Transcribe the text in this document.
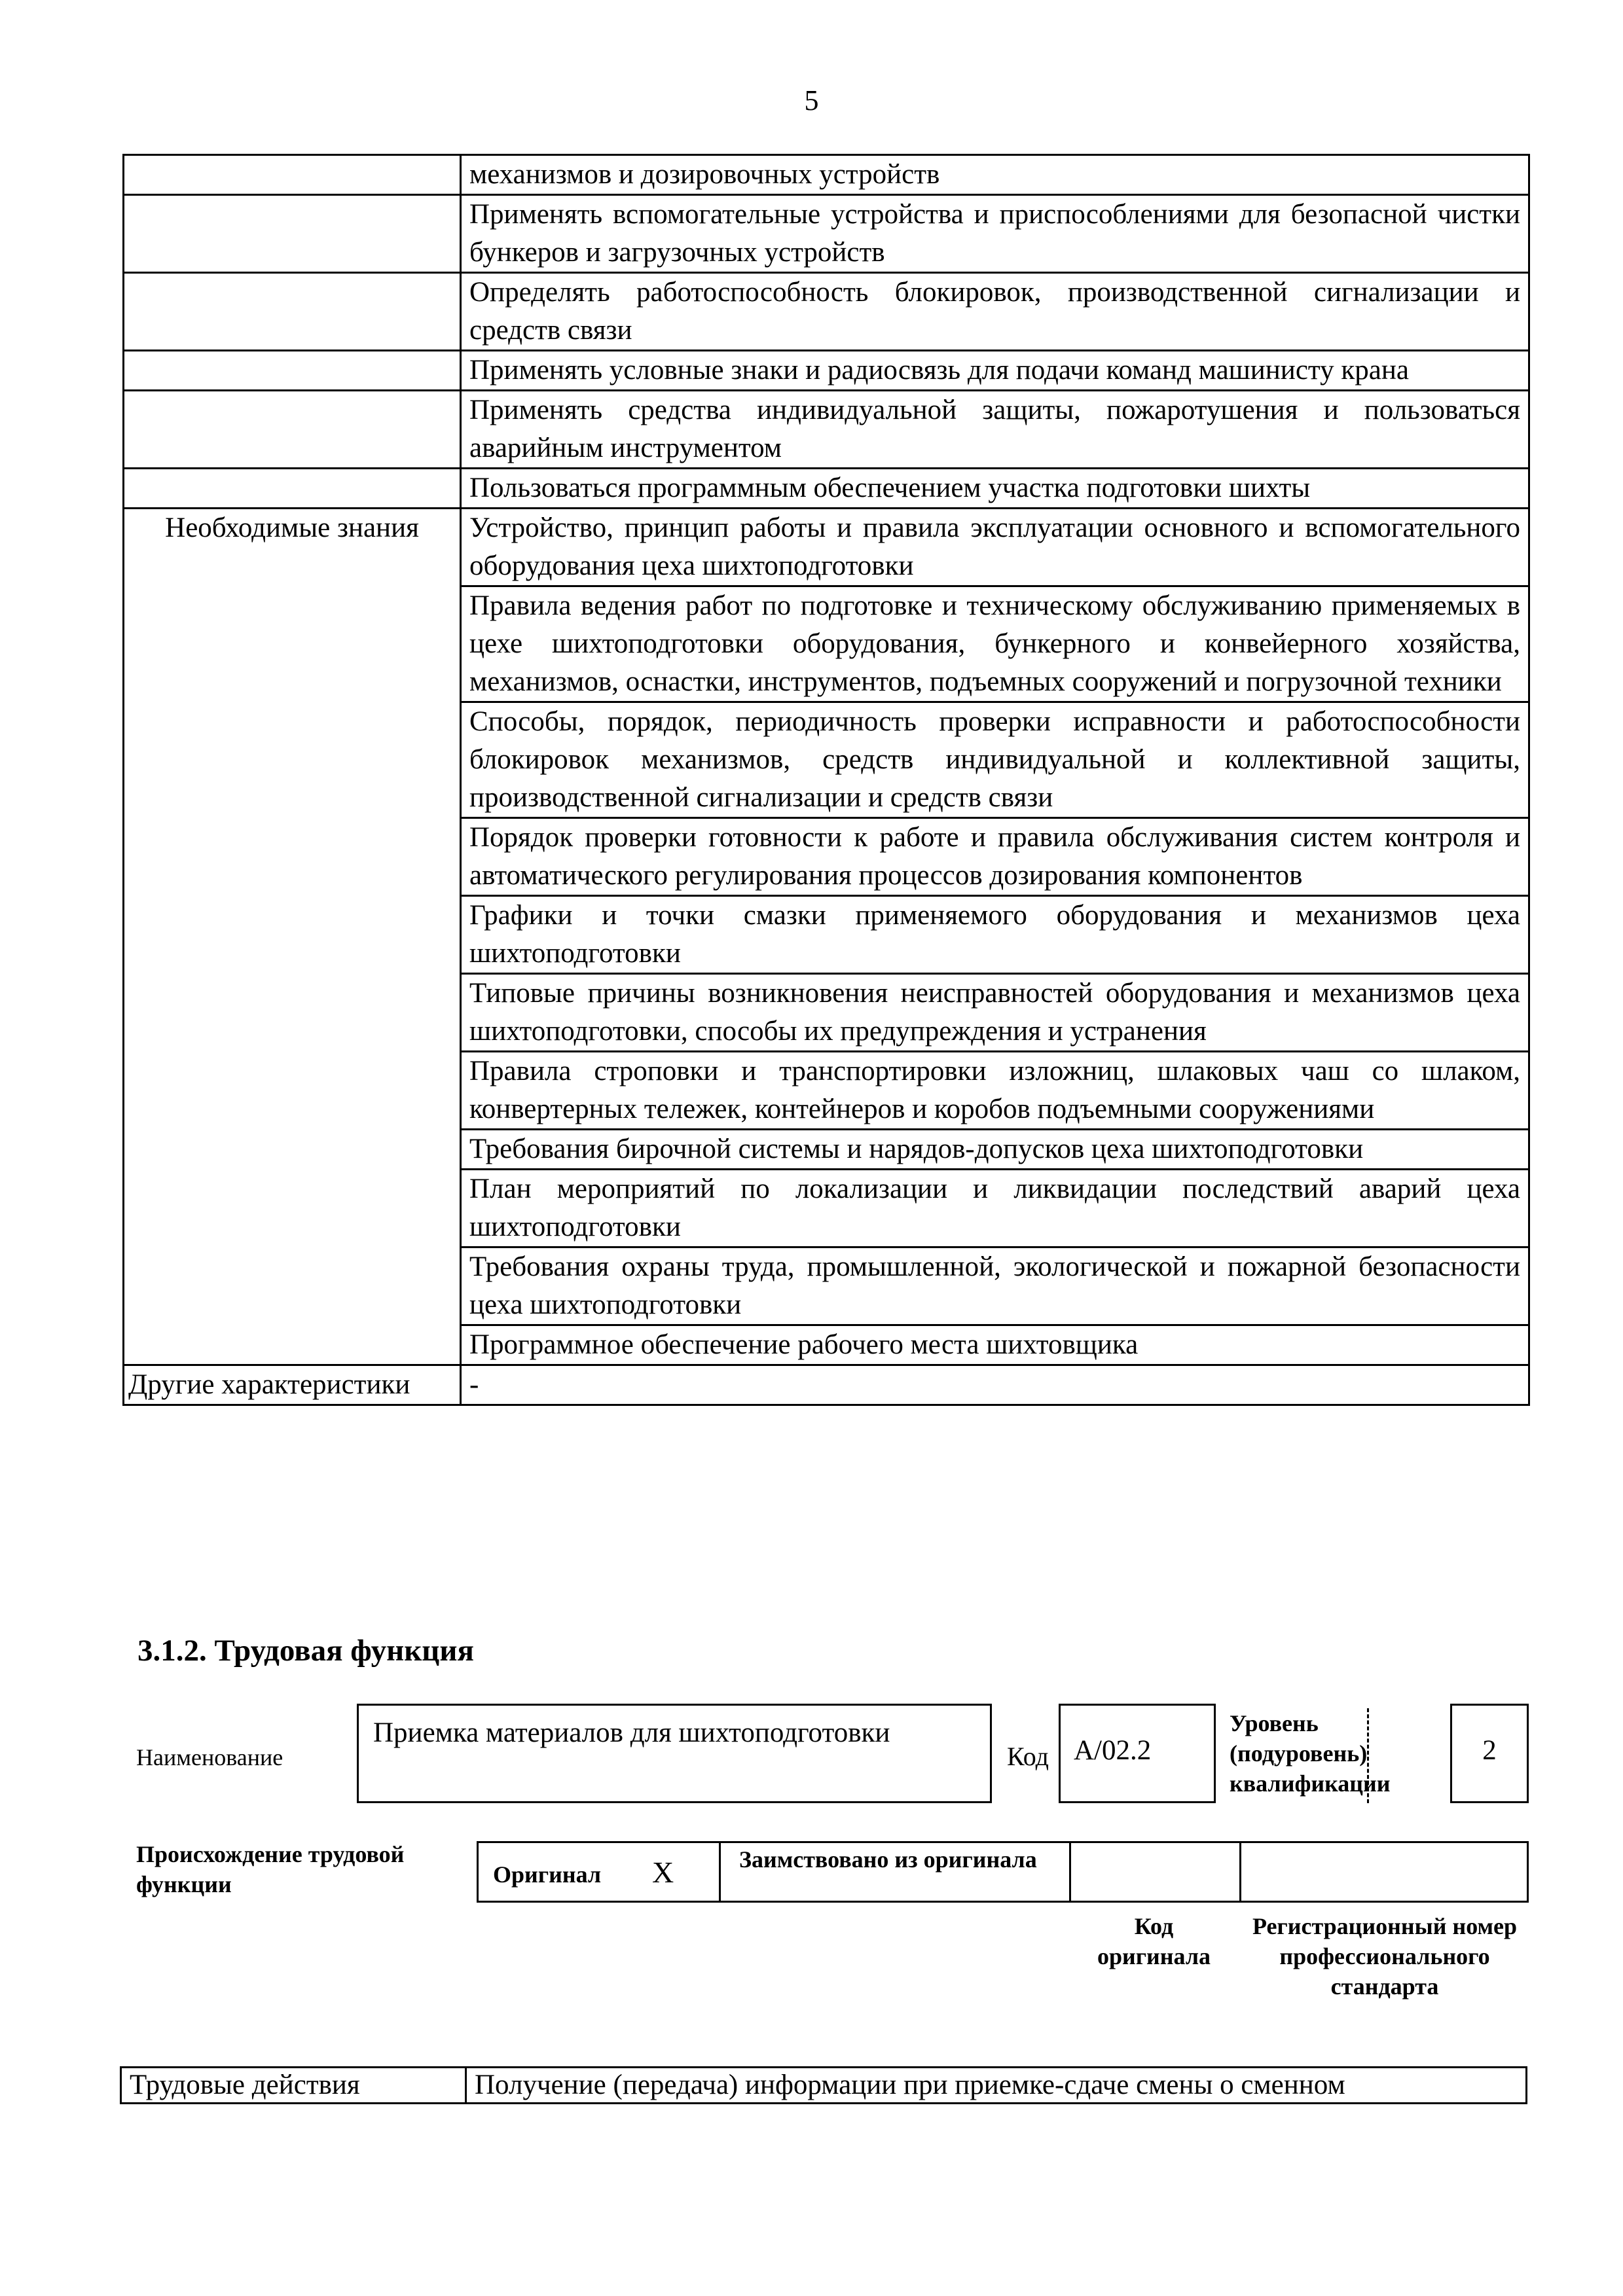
5
	механизмов и дозировочных устройств
	Применять вспомогательные устройства и приспособлениями для безопасной чистки бункеров и загрузочных устройств
	Определять работоспособность блокировок, производственной сигнализации и средств связи
	Применять условные знаки и радиосвязь для подачи команд машинисту крана
	Применять средства индивидуальной защиты, пожаротушения и пользоваться аварийным инструментом
	Пользоваться программным обеспечением участка подготовки шихты
Необходимые знания	Устройство, принцип работы и правила эксплуатации основного и вспомогательного оборудования цеха шихтоподготовки
	Правила ведения работ по подготовке и техническому обслуживанию применяемых в цехе шихтоподготовки оборудования, бункерного и конвейерного хозяйства, механизмов, оснастки, инструментов, подъемных сооружений и погрузочной техники
	Способы, порядок, периодичность проверки исправности и работоспособности блокировок механизмов, средств индивидуальной и коллективной защиты, производственной сигнализации и средств связи
	Порядок проверки готовности к работе и правила обслуживания систем контроля и автоматического регулирования процессов дозирования компонентов
	Графики и точки смазки применяемого оборудования и механизмов цеха шихтоподготовки
	Типовые причины возникновения неисправностей оборудования и механизмов цеха шихтоподготовки, способы их предупреждения и устранения
	Правила строповки и транспортировки изложниц, шлаковых чаш со шлаком, конвертерных тележек, контейнеров и коробов подъемными сооружениями
	Требования бирочной системы и нарядов-допусков цеха шихтоподготовки
	План мероприятий по локализации и ликвидации последствий аварий цеха шихтоподготовки
	Требования охраны труда, промышленной, экологической и пожарной безопасности цеха шихтоподготовки
	Программное обеспечение рабочего места шихтовщика
Другие характеристики	-
3.1.2. Трудовая функция
Наименование
Приемка материалов для шихтоподготовки
Код А/02.2
Уровень (подуровень) квалификации
2
Происхождение трудовой функции	Оригинал X	Заимствовано из оригинала
Код оригинала
Регистрационный номер профессионального стандарта
Трудовые действия	Получение (передача) информации при приемке-сдаче смены о сменном
